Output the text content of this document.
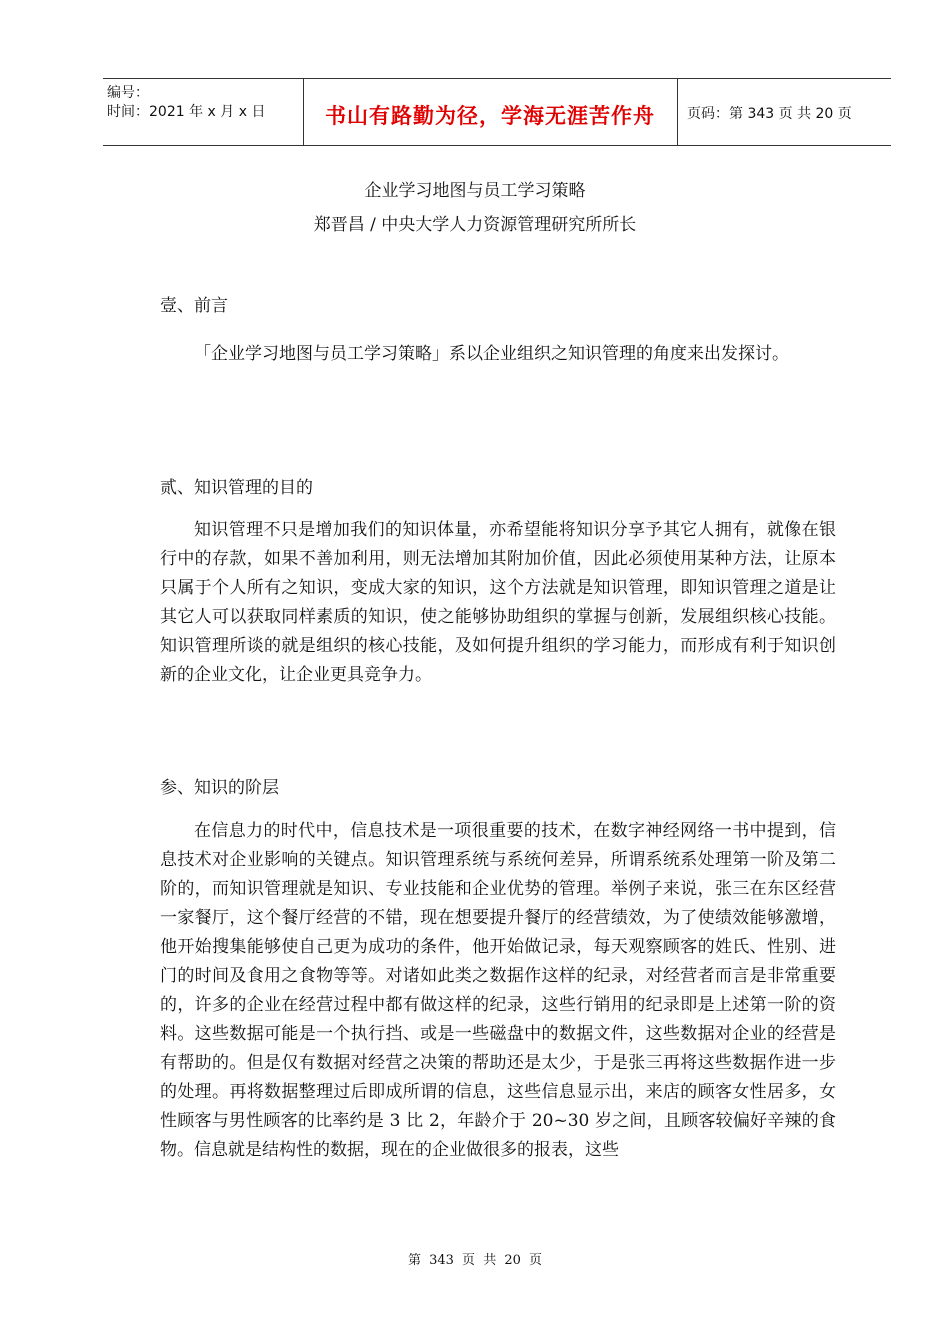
编号：
时间：2021 年 x 月 x 日	书山有路勤为径，学海无涯苦作舟	页码：第 343 页 共 20 页
企业学习地图与员工学习策略
郑晋昌 / 中央大学人力资源管理研究所所长
壹、前言

「企业学习地图与员工学习策略」系以企业组织之知识管理的角度来出发探讨。

贰、知识管理的目的

知识管理不只是增加我们的知识体量，亦希望能将知识分享予其它人拥有，就像在银行中的存款，如果不善加利用，则无法增加其附加价值，因此必须使用某种方法，让原本只属于个人所有之知识，变成大家的知识，这个方法就是知识管理，即知识管理之道是让其它人可以获取同样素质的知识，使之能够协助组织的掌握与创新，发展组织核心技能。知识管理所谈的就是组织的核心技能，及如何提升组织的学习能力，而形成有利于知识创新的企业文化，让企业更具竞争力。

参、知识的阶层

在信息力的时代中，信息技术是一项很重要的技术，在数字神经网络一书中提到，信息技术对企业影响的关键点。知识管理系统与系统何差异，所谓系统系处理第一阶及第二阶的，而知识管理就是知识、专业技能和企业优势的管理。举例子来说，张三在东区经营一家餐厅，这个餐厅经营的不错，现在想要提升餐厅的经营绩效，为了使绩效能够激增，他开始搜集能够使自己更为成功的条件，他开始做记录，每天观察顾客的姓氏、性别、进门的时间及食用之食物等等。对诸如此类之数据作这样的纪录，对经营者而言是非常重要的，许多的企业在经营过程中都有做这样的纪录，这些行销用的纪录即是上述第一阶的资料。这些数据可能是一个执行挡、或是一些磁盘中的数据文件，这些数据对企业的经营是有帮助的。但是仅有数据对经营之决策的帮助还是太少，于是张三再将这些数据作进一步的处理。再将数据整理过后即成所谓的信息，这些信息显示出，来店的顾客女性居多，女性顾客与男性顾客的比率约是 3 比 2，年龄介于 20~30 岁之间，且顾客较偏好辛辣的食物。信息就是结构性的数据，现在的企业做很多的报表，这些

第 343 页 共 20 页
